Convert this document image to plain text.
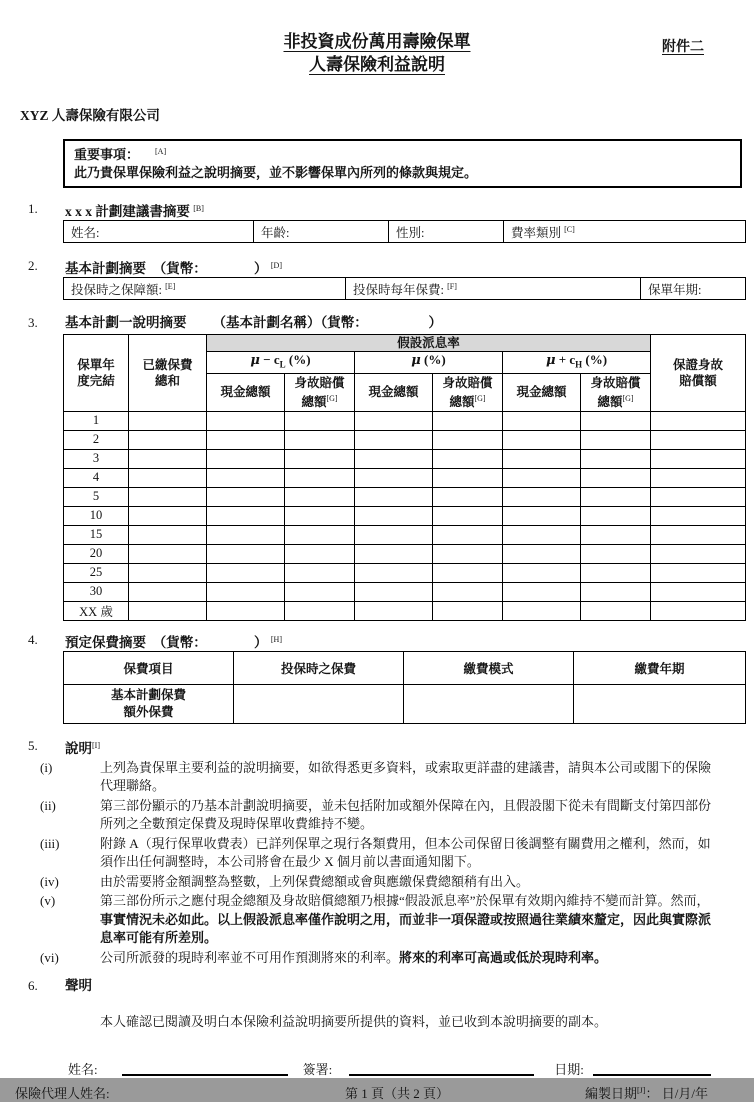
附件二
非投資成份萬用壽險保單
人壽保險利益說明
XYZ 人壽保險有限公司
重要事項： [A]
此乃貴保單保險利益之說明摘要，並不影響保單內所列的條款與規定。
1. x x x 計劃建議書摘要 [B]
姓名:	年齡:	性別:	費率類別 [C]
2. 基本計劃摘要　（貨幣：　　　　） [D]
投保時之保障額: [E]	投保時每年保費: [F]	保單年期:
3. 基本計劃一說明摘要 （基本計劃名稱）（貨幣：　　　　　）
保單年度完結	已繳保費總和	假設派息率						保證身故賠償額
		$\mu - c_L$ (%)		μ (%)		$\mu + c_H$ (%)		
		現金總額	身故賠償總額[G]	現金總額	身故賠償總額[G]	現金總額	身故賠償總額[G]
1								
2								
3								
4								
5								
10								
15								
20								
25								
30								
XX 歲								
4. 預定保費摘要　（貨幣：　　　　） [H]
保費項目	投保時之保費	繳費模式	繳費年期

基本計劃保費
額外保費			

5. 說明[I]
(i)	上列為貴保單主要利益的說明摘要，如欲得悉更多資料，或索取更詳盡的建議書，請與本公司或閣下的保險代理聯絡。
(ii)	第三部份顯示的乃基本計劃說明摘要，並未包括附加或額外保障在內，且假設閣下從未有間斷支付第四部份所列之全數預定保費及現時保單收費維持不變。
(iii)	附錄 A（現行保單收費表）已詳列保單之現行各類費用，但本公司保留日後調整有關費用之權利，然而，如須作出任何調整時，本公司將會在最少 X 個月前以書面通知閣下。
(iv)	由於需要將金額調整為整數，上列保費總額或會與應繳保費總額稍有出入。
(v)	第三部份所示之應付現金總額及身故賠償總額乃根據“假設派息率”於保單有效期內維持不變而計算。然而，事實情況未必如此。以上假設派息率僅作說明之用，而並非一項保證或按照過往業績來釐定，因此與實際派息率可能有所差別。
(vi)	公司所派發的現時利率並不可用作預測將來的利率。將來的利率可高過或低於現時利率。
6. 聲明
本人確認已閱讀及明白本保險利益說明摘要所提供的資料，並已收到本說明摘要的副本。
姓名:	簽署:	日期:
保險代理人姓名:	第 1 頁（共 2 頁）	編製日期[J]： 日/月/年
